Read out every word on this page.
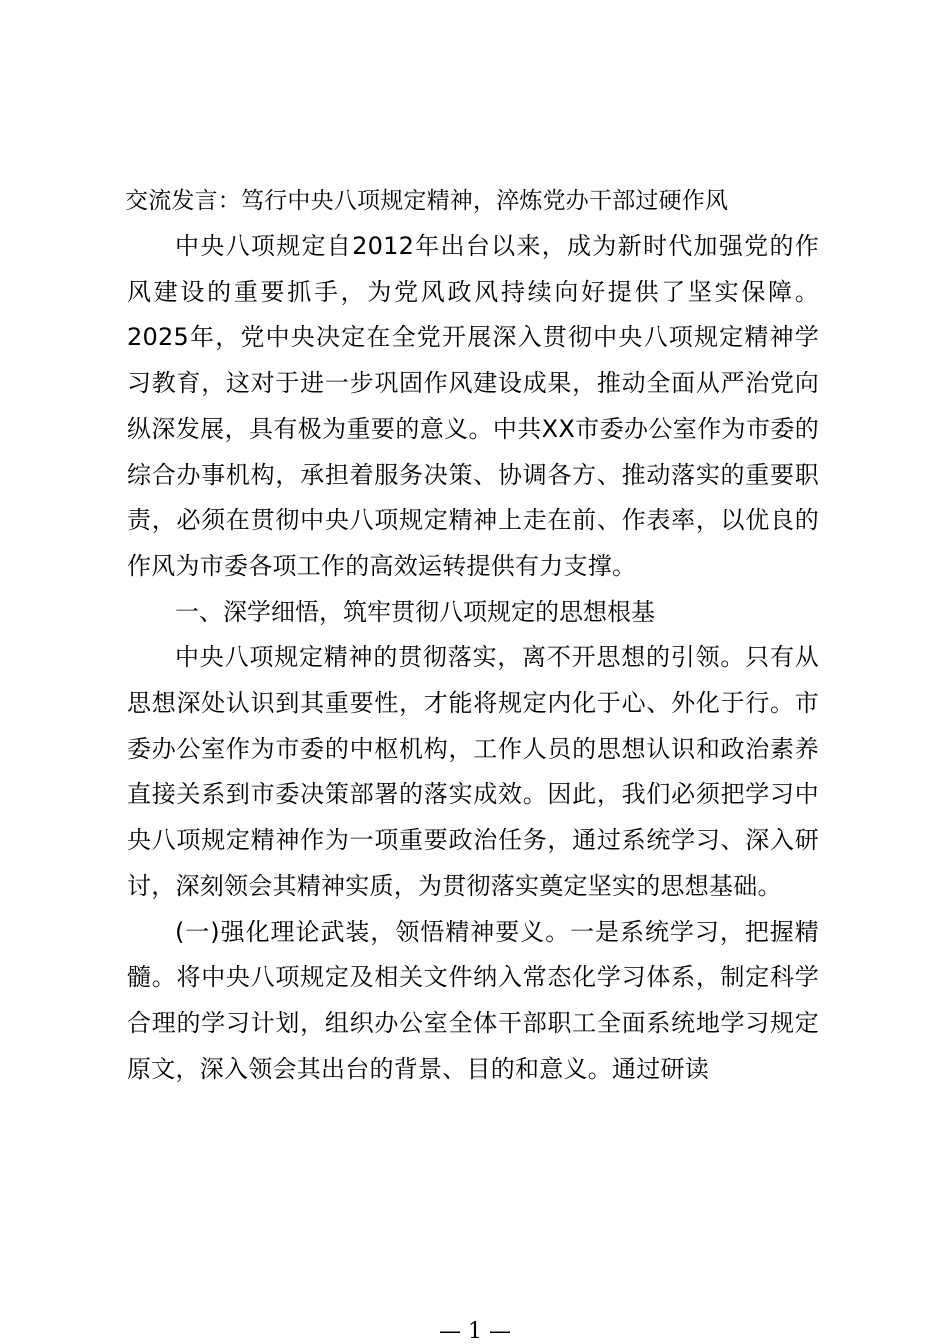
交流发言：笃行中央八项规定精神，淬炼党办干部过硬作风

中央八项规定自2012年出台以来，成为新时代加强党的作风建设的重要抓手，为党风政风持续向好提供了坚实保障。2025年，党中央决定在全党开展深入贯彻中央八项规定精神学习教育，这对于进一步巩固作风建设成果，推动全面从严治党向纵深发展，具有极为重要的意义。中共XX市委办公室作为市委的综合办事机构，承担着服务决策、协调各方、推动落实的重要职责，必须在贯彻中央八项规定精神上走在前、作表率，以优良的作风为市委各项工作的高效运转提供有力支撑。

一、深学细悟，筑牢贯彻八项规定的思想根基

中央八项规定精神的贯彻落实，离不开思想的引领。只有从思想深处认识到其重要性，才能将规定内化于心、外化于行。市委办公室作为市委的中枢机构，工作人员的思想认识和政治素养直接关系到市委决策部署的落实成效。因此，我们必须把学习中央八项规定精神作为一项重要政治任务，通过系统学习、深入研讨，深刻领会其精神实质，为贯彻落实奠定坚实的思想基础。

(一)强化理论武装，领悟精神要义。一是系统学习，把握精髓。将中央八项规定及相关文件纳入常态化学习体系，制定科学合理的学习计划，组织办公室全体干部职工全面系统地学习规定原文，深入领会其出台的背景、目的和意义。通过研读

— 1 —
